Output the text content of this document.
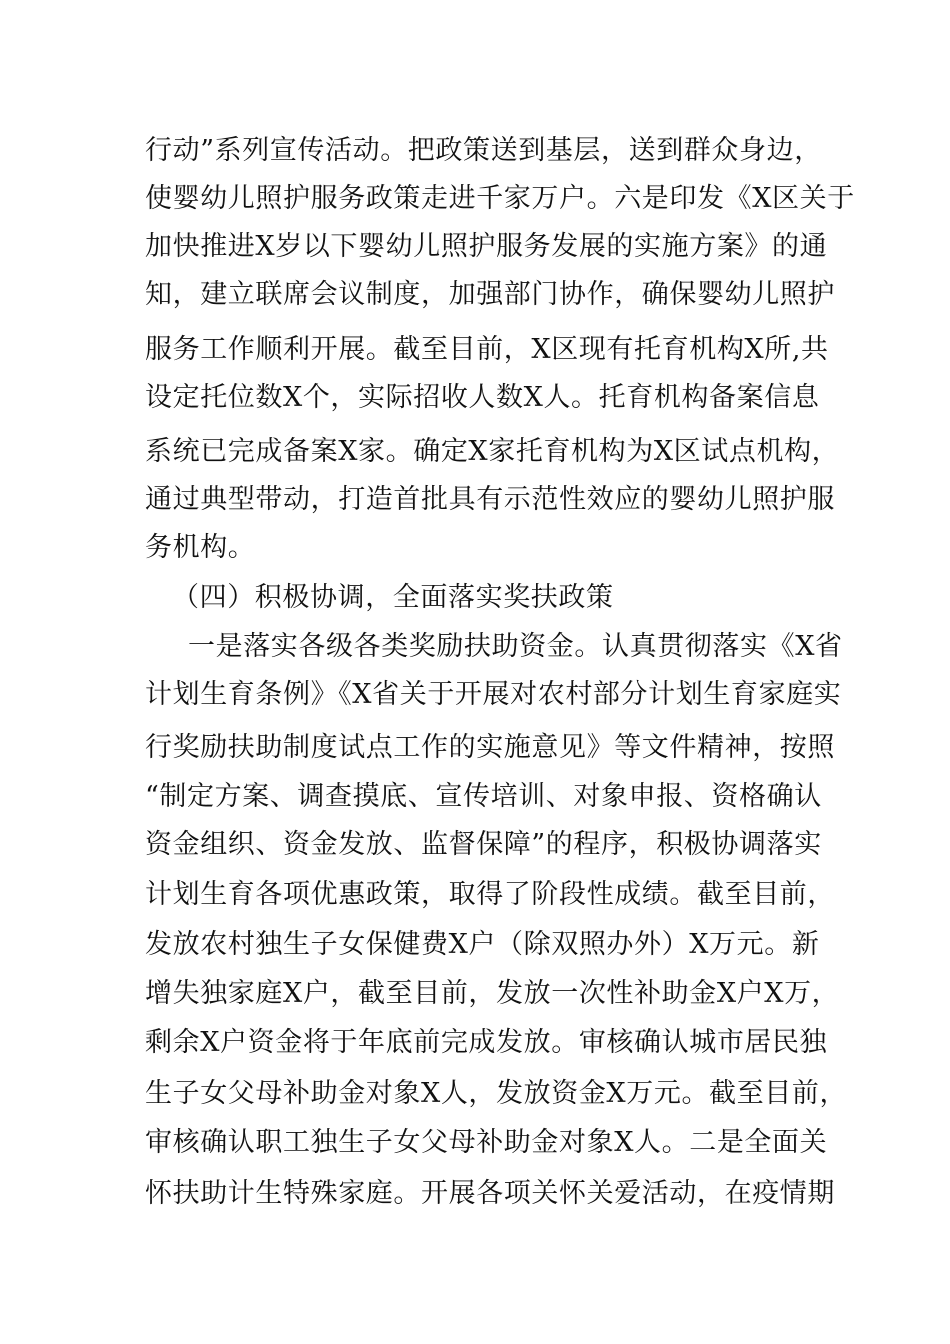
行动”系列宣传活动。把政策送到基层，送到群众身边，
使婴幼儿照护服务政策走进千家万户。六是印发《X区关于
加快推进X岁以下婴幼儿照护服务发展的实施方案》的通
知，建立联席会议制度，加强部门协作，确保婴幼儿照护
服务工作顺利开展。截至目前，X区现有托育机构X所,共
设定托位数X个，实际招收人数X人。托育机构备案信息
系统已完成备案X家。确定X家托育机构为X区试点机构，
通过典型带动，打造首批具有示范性效应的婴幼儿照护服
务机构。
（四）积极协调，全面落实奖扶政策
一是落实各级各类奖励扶助资金。认真贯彻落实《X省
计划生育条例》《X省关于开展对农村部分计划生育家庭实
行奖励扶助制度试点工作的实施意见》等文件精神，按照
“制定方案、调查摸底、宣传培训、对象申报、资格确认
资金组织、资金发放、监督保障”的程序，积极协调落实
计划生育各项优惠政策，取得了阶段性成绩。截至目前，
发放农村独生子女保健费X户（除双照办外）X万元。新
增失独家庭X户，截至目前，发放一次性补助金X户X万，
剩余X户资金将于年底前完成发放。审核确认城市居民独
生子女父母补助金对象X人，发放资金X万元。截至目前，
审核确认职工独生子女父母补助金对象X人。二是全面关
怀扶助计生特殊家庭。开展各项关怀关爱活动，在疫情期
